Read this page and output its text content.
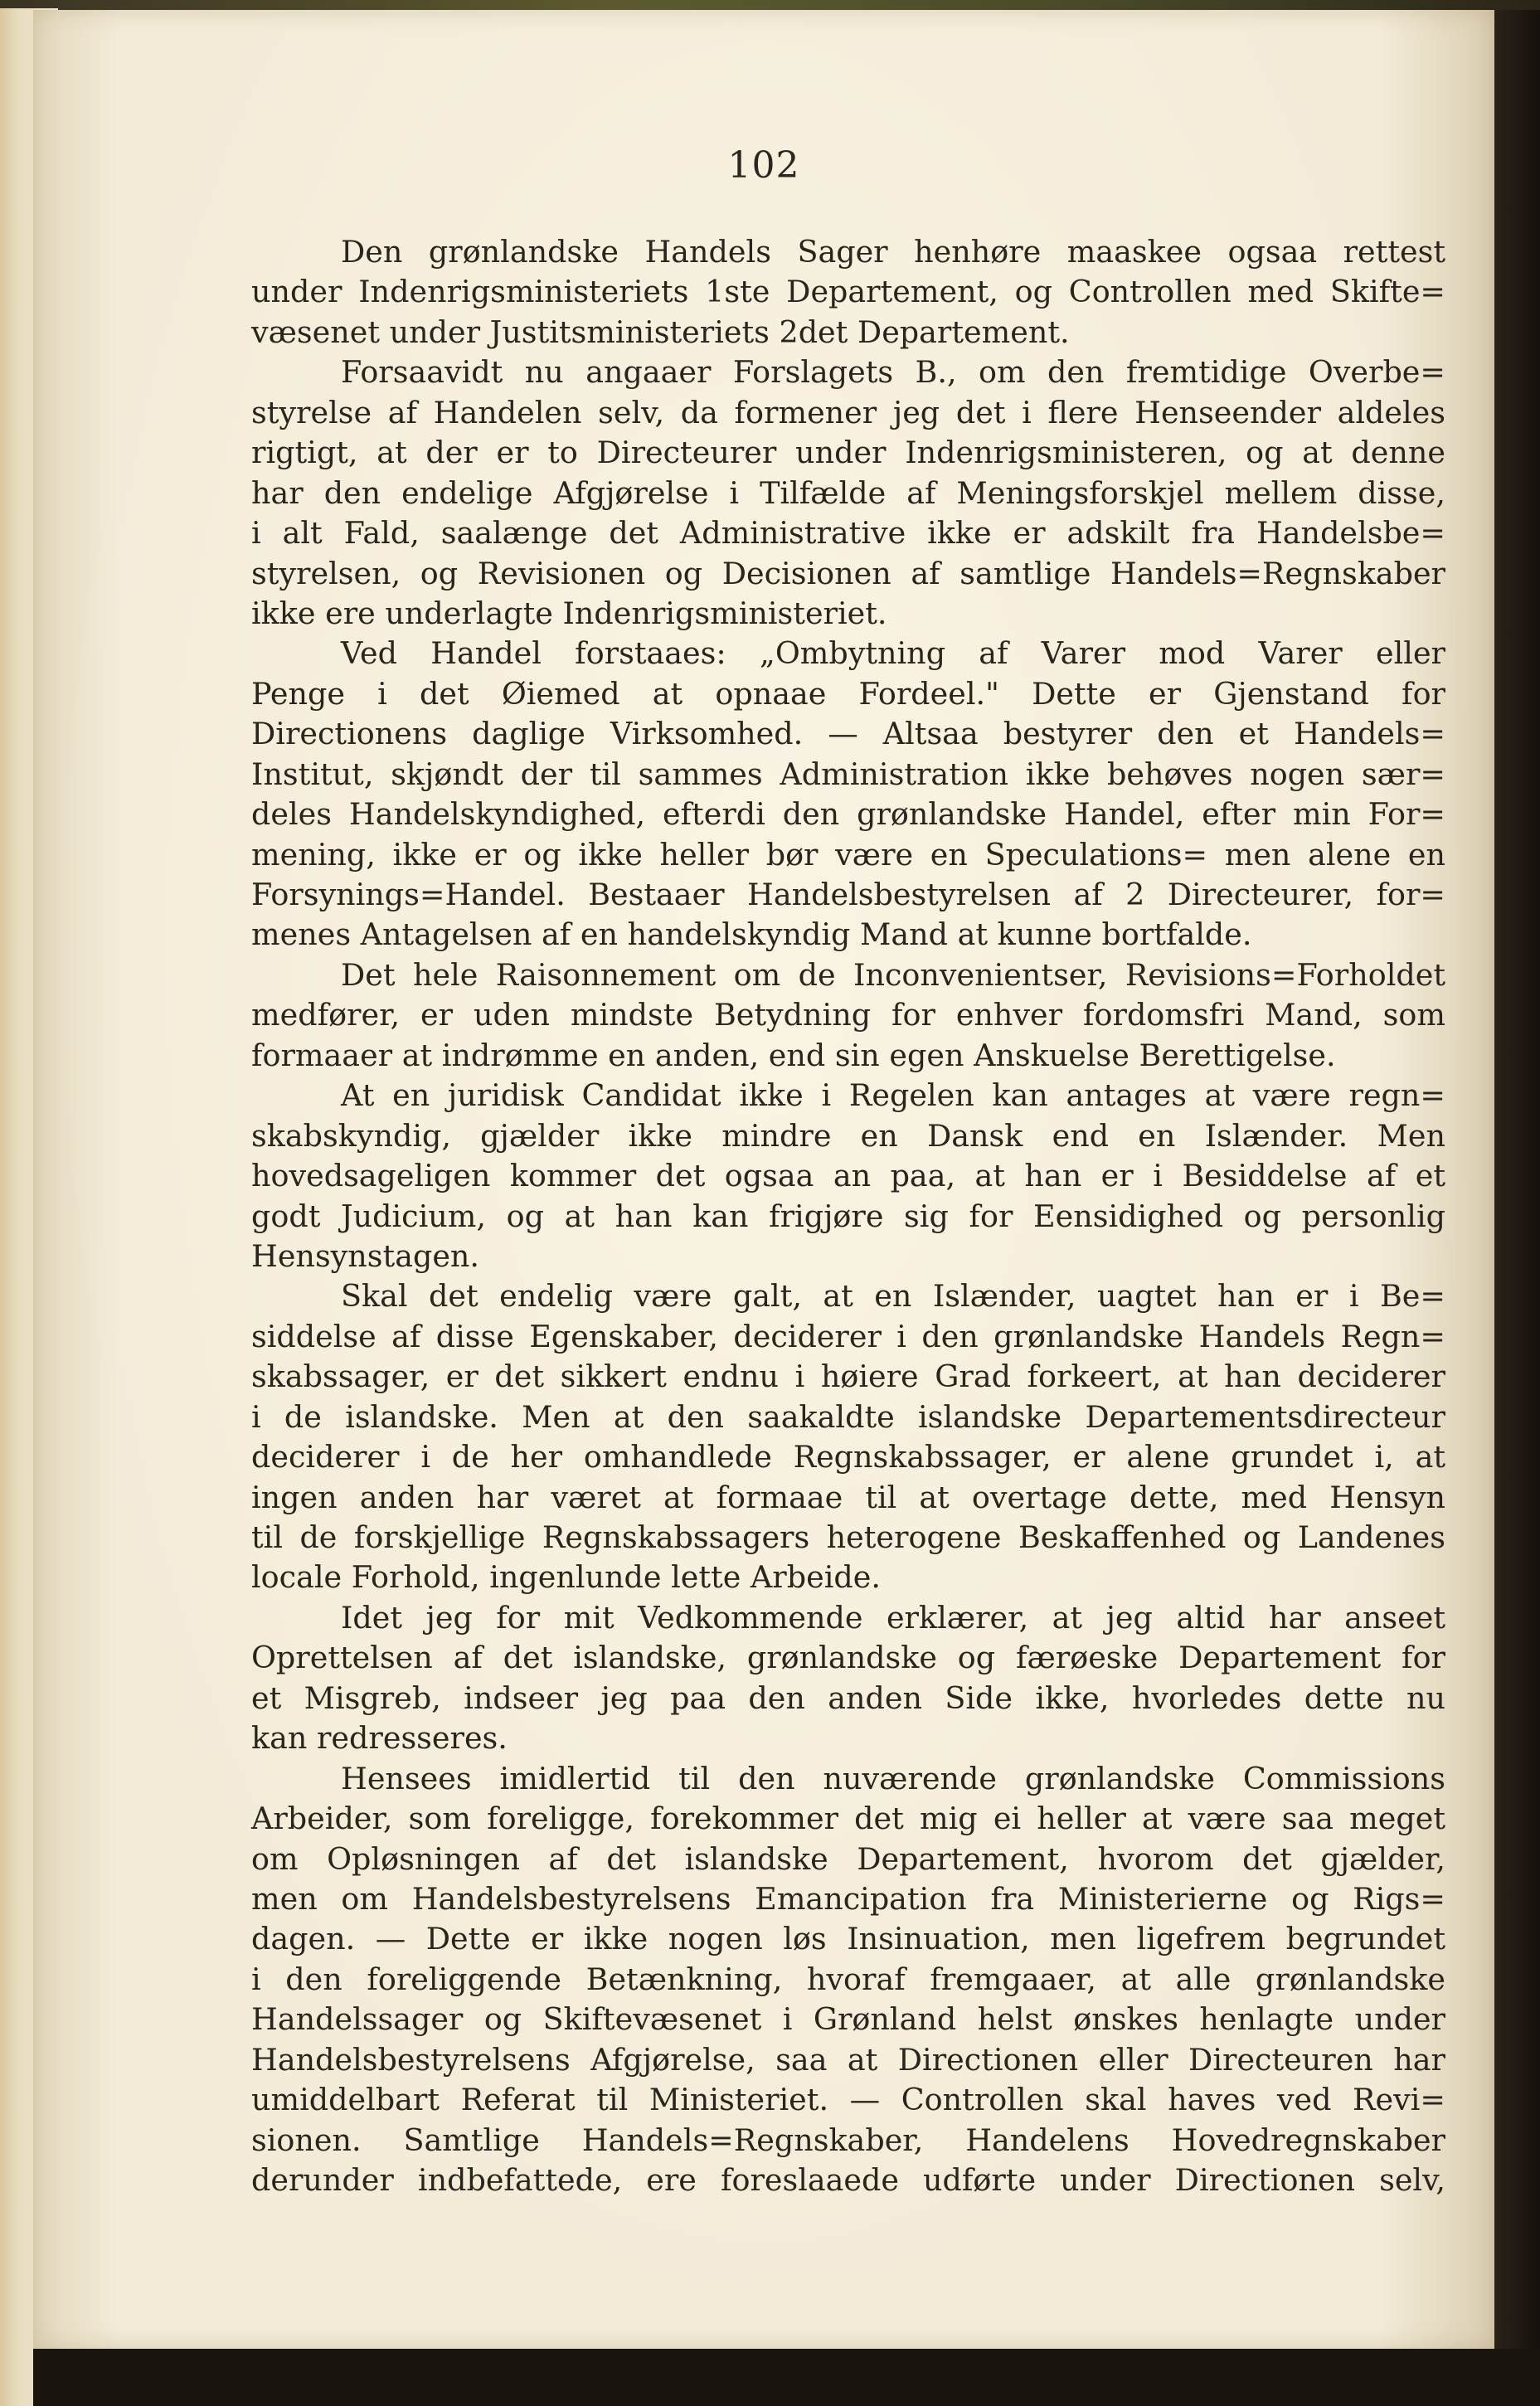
102
Den grønlandske Handels Sager henhøre maaskee ogsaa rettest
under Indenrigsministeriets 1ste Departement, og Controllen med Skifte=
væsenet under Justitsministeriets 2det Departement.
Forsaavidt nu angaaer Forslagets B., om den fremtidige Overbe=
styrelse af Handelen selv, da formener jeg det i flere Henseender aldeles
rigtigt, at der er to Directeurer under Indenrigsministeren, og at denne
har den endelige Afgjørelse i Tilfælde af Meningsforskjel mellem disse,
i alt Fald, saalænge det Administrative ikke er adskilt fra Handelsbe=
styrelsen, og Revisionen og Decisionen af samtlige Handels=Regnskaber
ikke ere underlagte Indenrigsministeriet.
Ved Handel forstaaes: „Ombytning af Varer mod Varer eller
Penge i det Øiemed at opnaae Fordeel." Dette er Gjenstand for
Directionens daglige Virksomhed. — Altsaa bestyrer den et Handels=
Institut, skjøndt der til sammes Administration ikke behøves nogen sær=
deles Handelskyndighed, efterdi den grønlandske Handel, efter min For=
mening, ikke er og ikke heller bør være en Speculations= men alene en
Forsynings=Handel. Bestaaer Handelsbestyrelsen af 2 Directeurer, for=
menes Antagelsen af en handelskyndig Mand at kunne bortfalde.
Det hele Raisonnement om de Inconvenientser, Revisions=Forholdet
medfører, er uden mindste Betydning for enhver fordomsfri Mand, som
formaaer at indrømme en anden, end sin egen Anskuelse Berettigelse.
At en juridisk Candidat ikke i Regelen kan antages at være regn=
skabskyndig, gjælder ikke mindre en Dansk end en Islænder. Men
hovedsageligen kommer det ogsaa an paa, at han er i Besiddelse af et
godt Judicium, og at han kan frigjøre sig for Eensidighed og personlig
Hensynstagen.
Skal det endelig være galt, at en Islænder, uagtet han er i Be=
siddelse af disse Egenskaber, deciderer i den grønlandske Handels Regn=
skabssager, er det sikkert endnu i høiere Grad forkeert, at han deciderer
i de islandske. Men at den saakaldte islandske Departementsdirecteur
deciderer i de her omhandlede Regnskabssager, er alene grundet i, at
ingen anden har været at formaae til at overtage dette, med Hensyn
til de forskjellige Regnskabssagers heterogene Beskaffenhed og Landenes
locale Forhold, ingenlunde lette Arbeide.
Idet jeg for mit Vedkommende erklærer, at jeg altid har anseet
Oprettelsen af det islandske, grønlandske og færøeske Departement for
et Misgreb, indseer jeg paa den anden Side ikke, hvorledes dette nu
kan redresseres.
Hensees imidlertid til den nuværende grønlandske Commissions
Arbeider, som foreligge, forekommer det mig ei heller at være saa meget
om Opløsningen af det islandske Departement, hvorom det gjælder,
men om Handelsbestyrelsens Emancipation fra Ministerierne og Rigs=
dagen. — Dette er ikke nogen løs Insinuation, men ligefrem begrundet
i den foreliggende Betænkning, hvoraf fremgaaer, at alle grønlandske
Handelssager og Skiftevæsenet i Grønland helst ønskes henlagte under
Handelsbestyrelsens Afgjørelse, saa at Directionen eller Directeuren har
umiddelbart Referat til Ministeriet. — Controllen skal haves ved Revi=
sionen. Samtlige Handels=Regnskaber, Handelens Hovedregnskaber
derunder indbefattede, ere foreslaaede udførte under Directionen selv,
